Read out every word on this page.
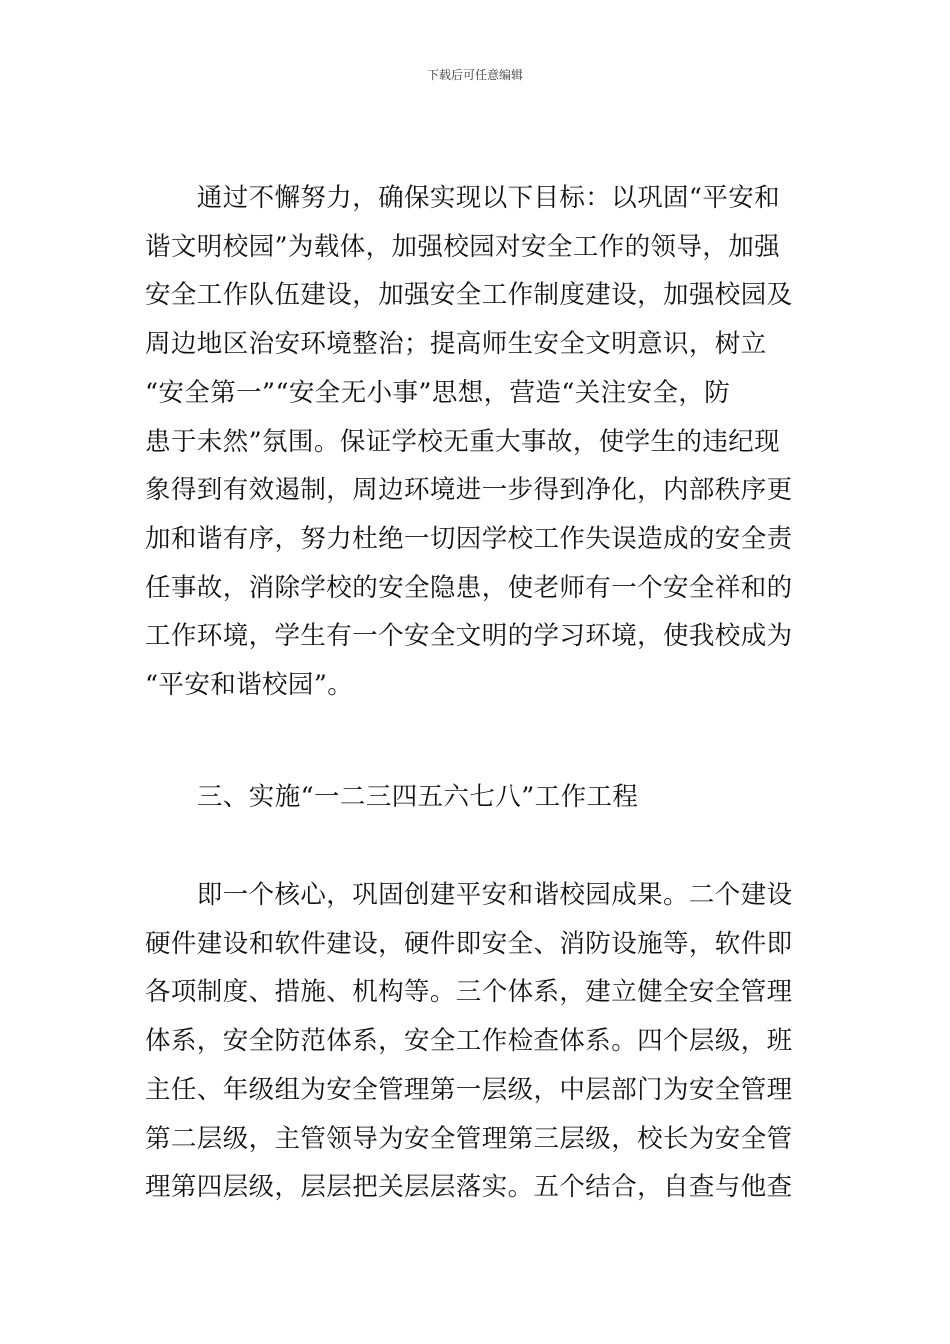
下载后可任意编辑
　　通过不懈努力，确保实现以下目标：以巩固“平安和
谐文明校园”为载体，加强校园对安全工作的领导，加强
安全工作队伍建设，加强安全工作制度建设，加强校园及
周边地区治安环境整治；提高师生安全文明意识，树立
“安全第一”“安全无小事”思想，营造“关注安全，防
患于未然”氛围。保证学校无重大事故，使学生的违纪现
象得到有效遏制，周边环境进一步得到净化，内部秩序更
加和谐有序，努力杜绝一切因学校工作失误造成的安全责
任事故，消除学校的安全隐患，使老师有一个安全祥和的
工作环境，学生有一个安全文明的学习环境，使我校成为
“平安和谐校园”。
三、实施“一二三四五六七八”工作工程
　　即一个核心，巩固创建平安和谐校园成果。二个建设
硬件建设和软件建设，硬件即安全、消防设施等，软件即
各项制度、措施、机构等。三个体系，建立健全安全管理
体系，安全防范体系，安全工作检查体系。四个层级，班
主任、年级组为安全管理第一层级，中层部门为安全管理
第二层级，主管领导为安全管理第三层级，校长为安全管
理第四层级，层层把关层层落实。五个结合，自查与他查
